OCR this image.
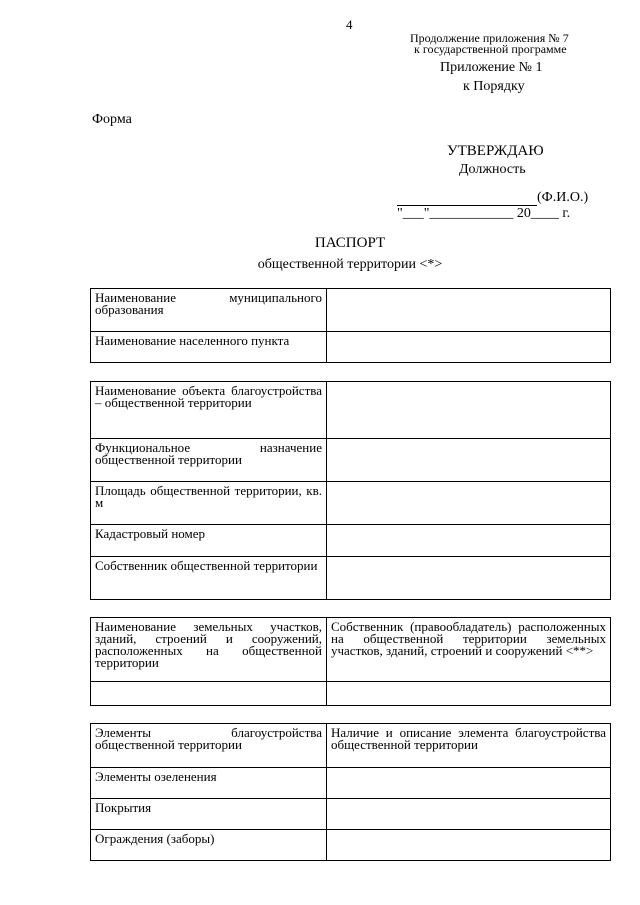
4
Продолжение приложения № 7
к государственной программе
Приложение № 1
к Порядку
Форма
УТВЕРЖДАЮ
Должность
(Ф.И.О.)
"___"____________ 20____ г.
ПАСПОРТ
общественной территории <*>
Наименование муниципального образования	
Наименование населенного пункта	
Наименование объекта благоустройства – общественной территории	
Функциональное назначение общественной территории	
Площадь общественной территории, кв. м	
Кадастровый номер	
Собственник общественной территории	
Наименование земельных участков, зданий, строений и сооружений, расположенных на общественной территории	Собственник (правообладатель) расположенных на общественной территории земельных участков, зданий, строений и сооружений <**>

Элементы благоустройства общественной территории	Наличие и описание элемента благоустройства общественной территории
Элементы озеленения	
Покрытия	
Ограждения (заборы)	
